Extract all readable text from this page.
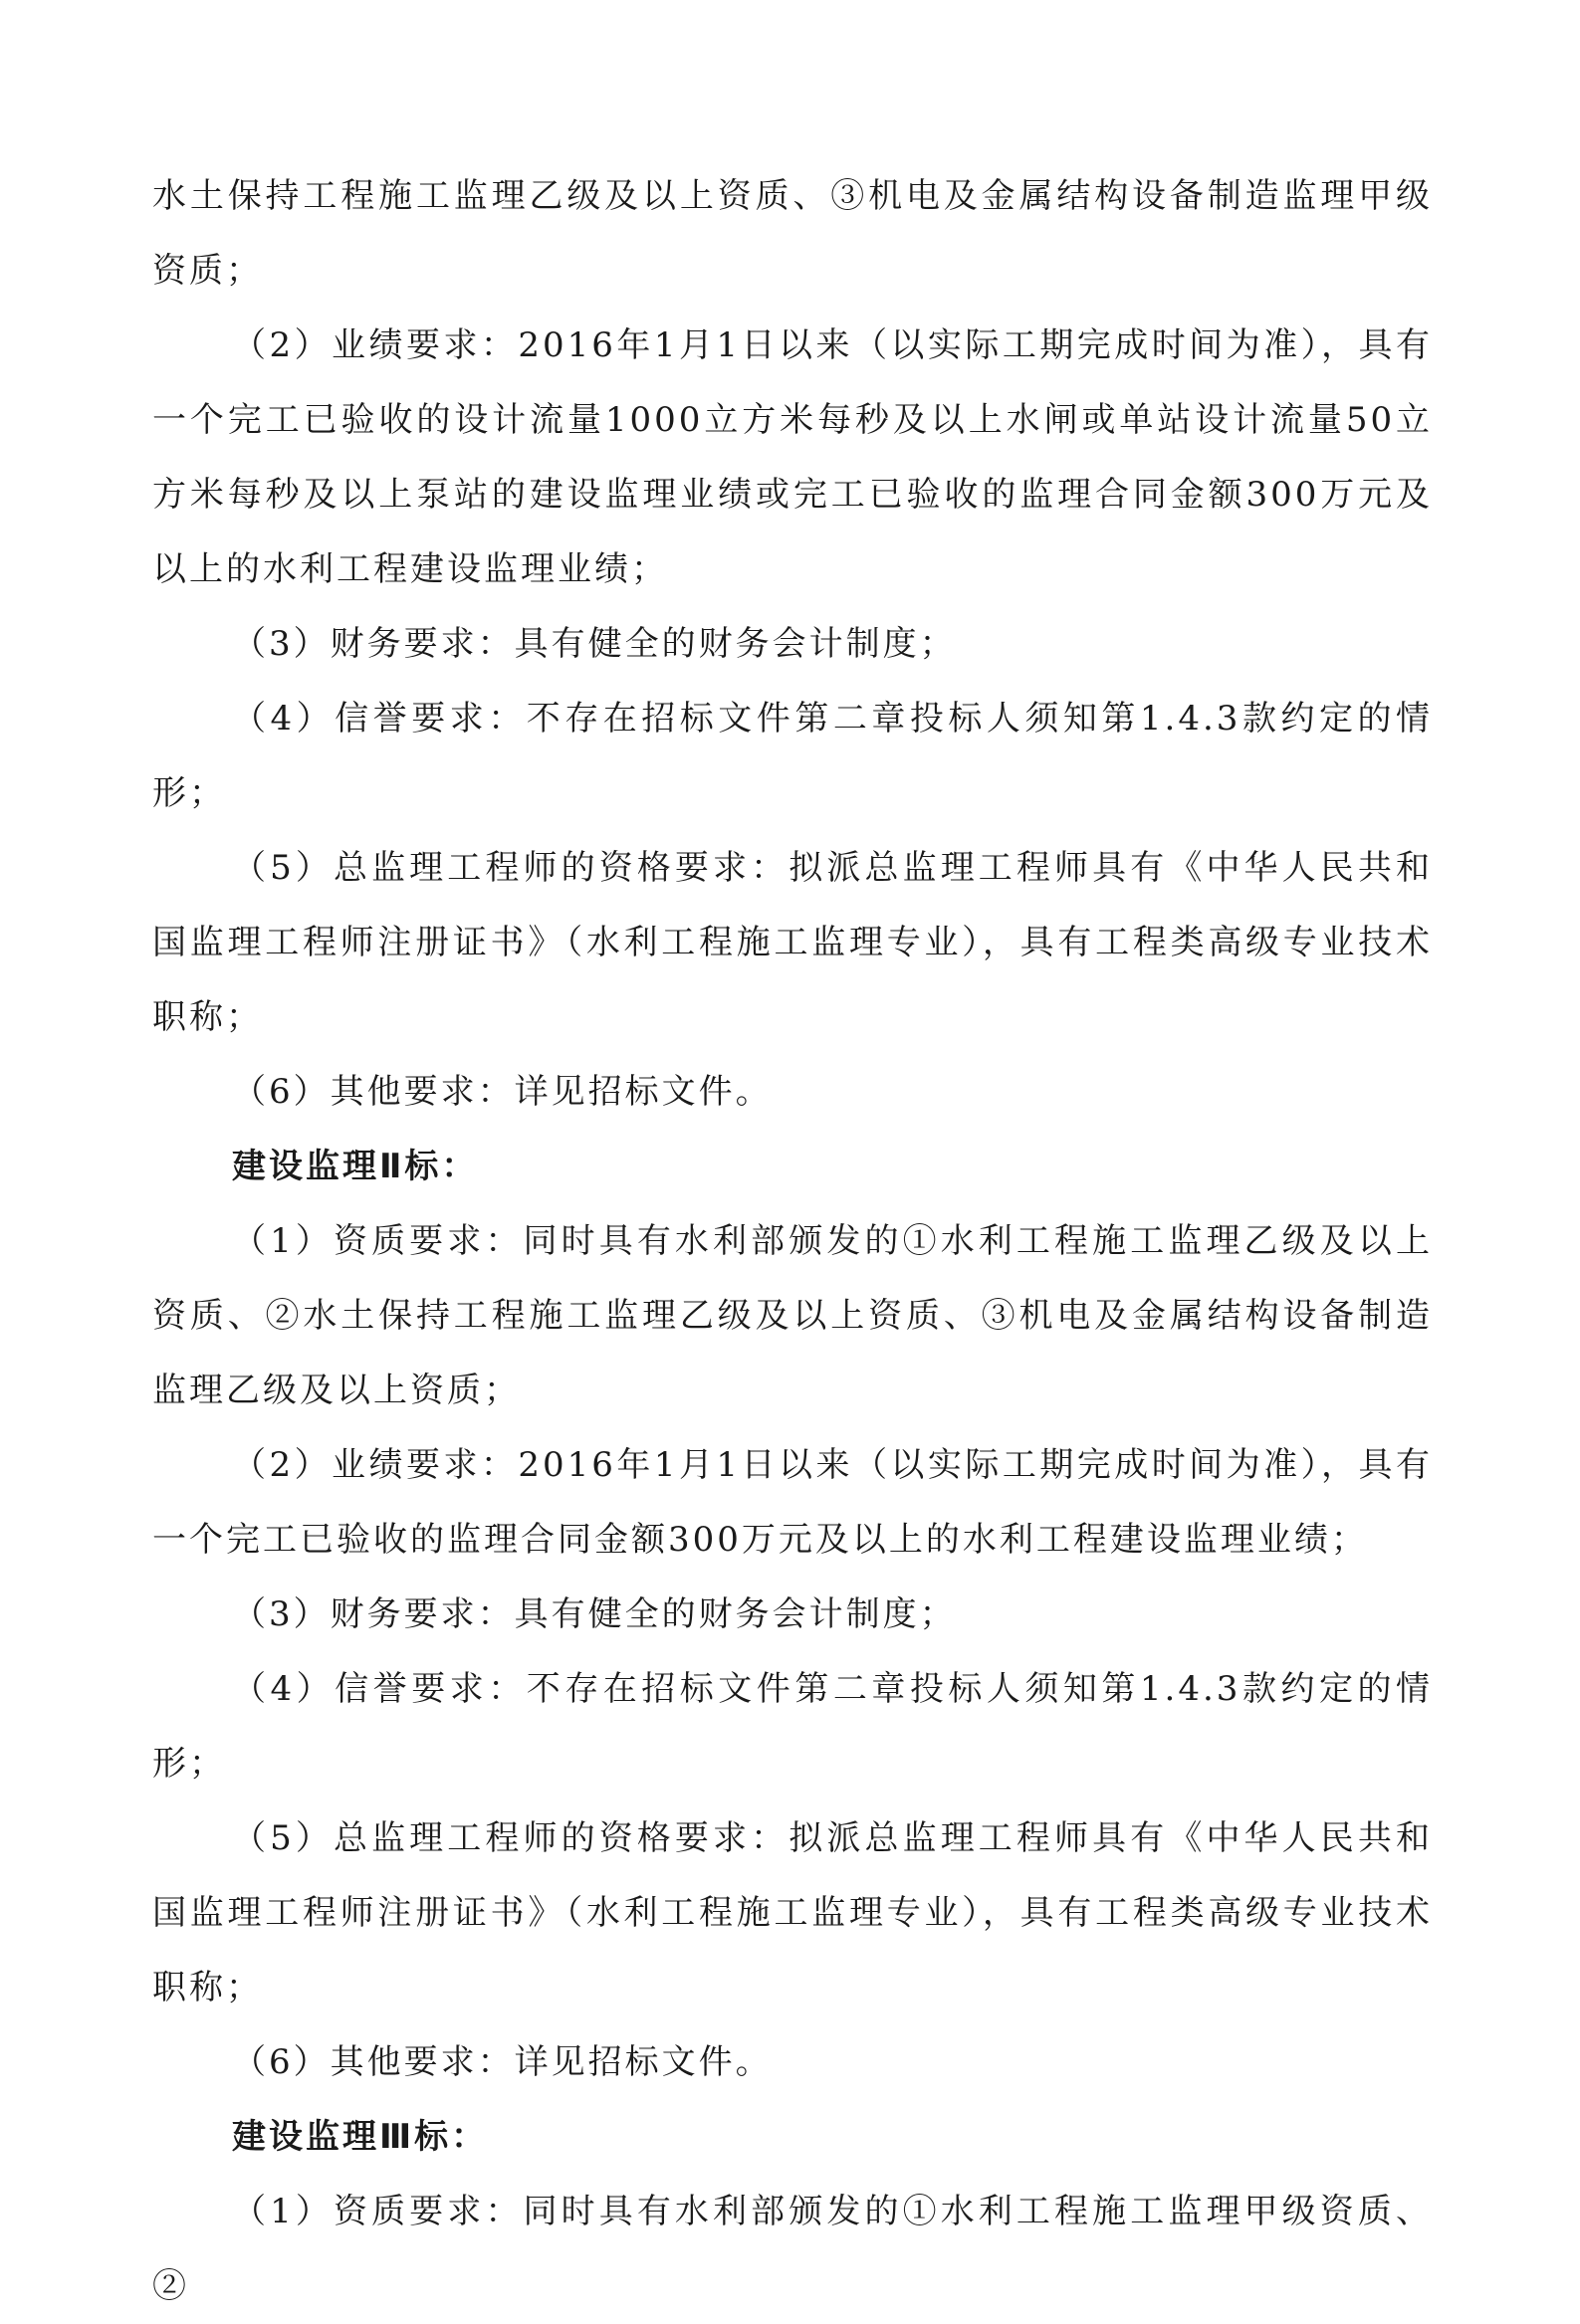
水土保持工程施工监理乙级及以上资质、③机电及金属结构设备制造监理甲级资质；

（2）业绩要求：2016年1月1日以来（以实际工期完成时间为准），具有一个完工已验收的设计流量1000立方米每秒及以上水闸或单站设计流量50立方米每秒及以上泵站的建设监理业绩或完工已验收的监理合同金额300万元及以上的水利工程建设监理业绩；

（3）财务要求：具有健全的财务会计制度；

（4）信誉要求：不存在招标文件第二章投标人须知第1.4.3款约定的情形；

（5）总监理工程师的资格要求：拟派总监理工程师具有《中华人民共和国监理工程师注册证书》（水利工程施工监理专业），具有工程类高级专业技术职称；

（6）其他要求：详见招标文件。

建设监理Ⅱ标：

（1）资质要求：同时具有水利部颁发的①水利工程施工监理乙级及以上资质、②水土保持工程施工监理乙级及以上资质、③机电及金属结构设备制造监理乙级及以上资质；

（2）业绩要求：2016年1月1日以来（以实际工期完成时间为准），具有一个完工已验收的监理合同金额300万元及以上的水利工程建设监理业绩；

（3）财务要求：具有健全的财务会计制度；

（4）信誉要求：不存在招标文件第二章投标人须知第1.4.3款约定的情形；

（5）总监理工程师的资格要求：拟派总监理工程师具有《中华人民共和国监理工程师注册证书》（水利工程施工监理专业），具有工程类高级专业技术职称；

（6）其他要求：详见招标文件。

建设监理Ⅲ标：

（1）资质要求：同时具有水利部颁发的①水利工程施工监理甲级资质、②
